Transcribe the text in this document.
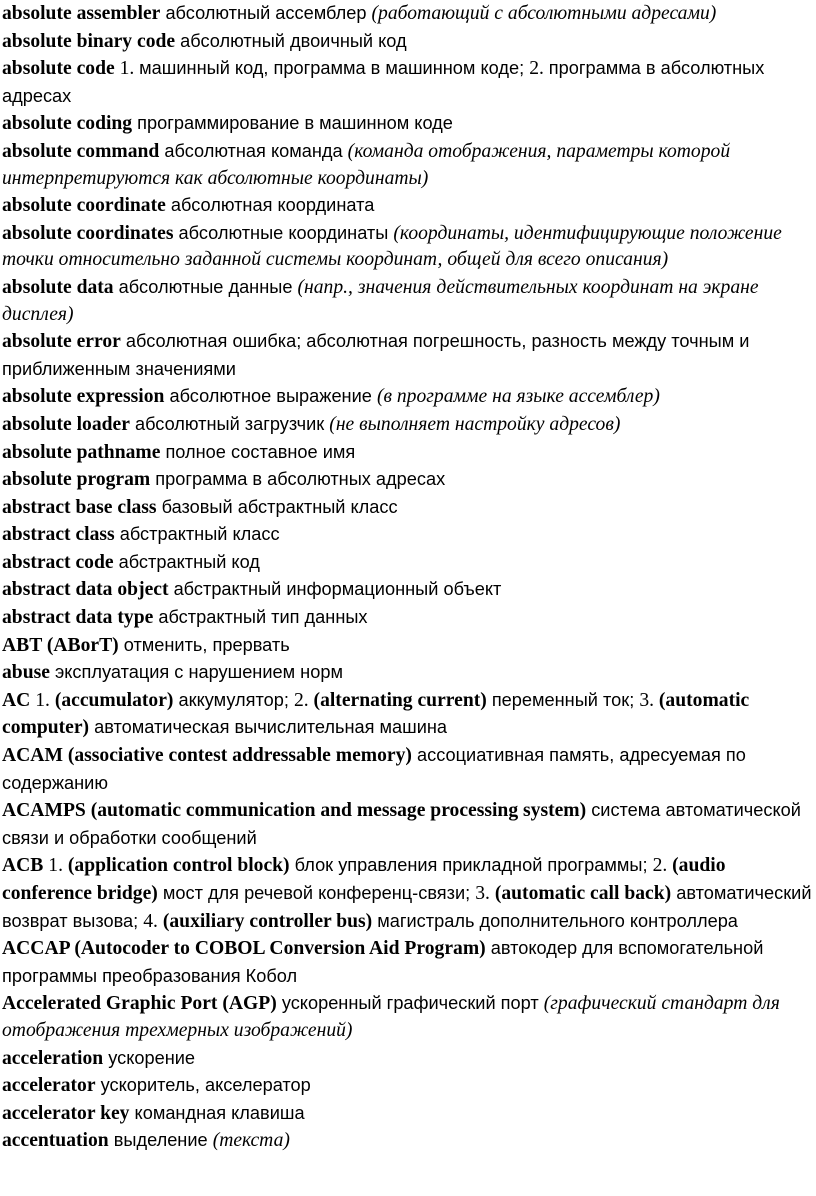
absolute assembler абсолютный ассемблер (работающий с абсолютными адресами)

absolute binary code абсолютный двоичный код

absolute code 1. машинный код, программа в машинном коде; 2. программа в абсолютных адресах

absolute coding программирование в машинном коде

absolute command абсолютная команда (команда отображения, параметры которой интерпретируются как абсолютные координаты)

absolute coordinate абсолютная координата

absolute coordinates абсолютные координаты (координаты, идентифицирующие положение точки относительно заданной системы координат, общей для всего описания)

absolute data абсолютные данные (напр., значения действительных координат на экране дисплея)

absolute error абсолютная ошибка; абсолютная погрешность, разность между точным и приближенным значениями

absolute expression абсолютное выражение (в программе на языке ассемблер)

absolute loader абсолютный загрузчик (не выполняет настройку адресов)

absolute pathname полное составное имя

absolute program программа в абсолютных адресах

abstract base class базовый абстрактный класс

abstract class абстрактный класс

abstract code абстрактный код

abstract data object абстрактный информационный объект

abstract data type абстрактный тип данных

ABT (ABorT) отменить, прервать

abuse эксплуатация с нарушением норм

AC 1. (accumulator) аккумулятор; 2. (alternating current) переменный ток; 3. (automatic computer) автоматическая вычислительная машина

ACAM (associative contest addressable memory) ассоциативная память, адресуемая по содержанию

ACAMPS (automatic communication and message processing system) система автоматической связи и обработки сообщений

ACB 1. (application control block) блок управления прикладной программы; 2. (audio conference bridge) мост для речевой конференц-связи; 3. (automatic call back) автоматический возврат вызова; 4. (auxiliary controller bus) магистраль дополнительного контроллера

ACCAP (Autocoder to COBOL Conversion Aid Program) автокодер для вспомогательной программы преобразования Кобол

Accelerated Graphic Port (AGP) ускоренный графический порт (графический стандарт для отображения трехмерных изображений)

acceleration ускорение

accelerator ускоритель, акселератор

accelerator key командная клавиша

accentuation выделение (текста)
